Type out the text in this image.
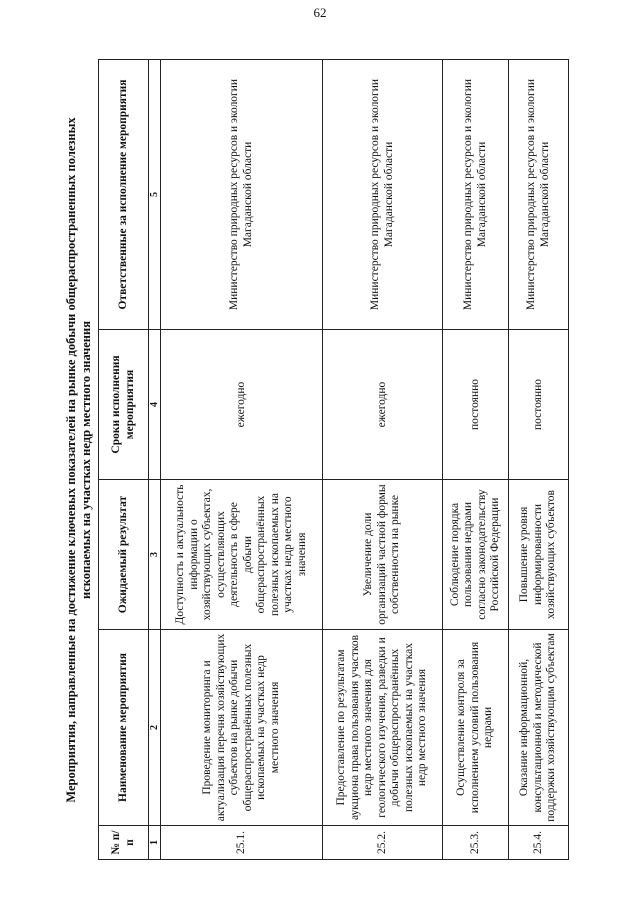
62
Мероприятия, направленные на достижение ключевых показателей на рынке добычи общераспространенных полезных ископаемых на участках недр местного значения
№ п/п	Наименование мероприятия	Ожидаемый результат	Сроки исполнения мероприятия	Ответственные за исполнение мероприятия
1	2	3	4	5
25.1.	Проведение мониторинга и актуализация перечня хозяйствующих субъектов на рынке добычи общераспространённых полезных ископаемых на участках недр местного значения	Доступность и актуальность информации о хозяйствующих субъектах, осуществляющих деятельность в сфере добычи общераспространённых полезных ископаемых на участках недр местного значения	ежегодно	Министерство природных ресурсов и экологии Магаданской области
25.2.	Предоставление по результатам аукциона права пользования участков недр местного значения для геологического изучения, разведки и добычи общераспространённых полезных ископаемых на участках недр местного значения	Увеличение доли организаций частной формы собственности на рынке	ежегодно	Министерство природных ресурсов и экологии Магаданской области
25.3.	Осуществление контроля за исполнением условий пользования недрами	Соблюдение порядка пользования недрами согласно законодательству Российской Федерации	постоянно	Министерство природных ресурсов и экологии Магаданской области
25.4.	Оказание информационной, консультационной и методической поддержки хозяйствующим субъектам	Повышение уровня информированности хозяйствующих субъектов	постоянно	Министерство природных ресурсов и экологии Магаданской области
